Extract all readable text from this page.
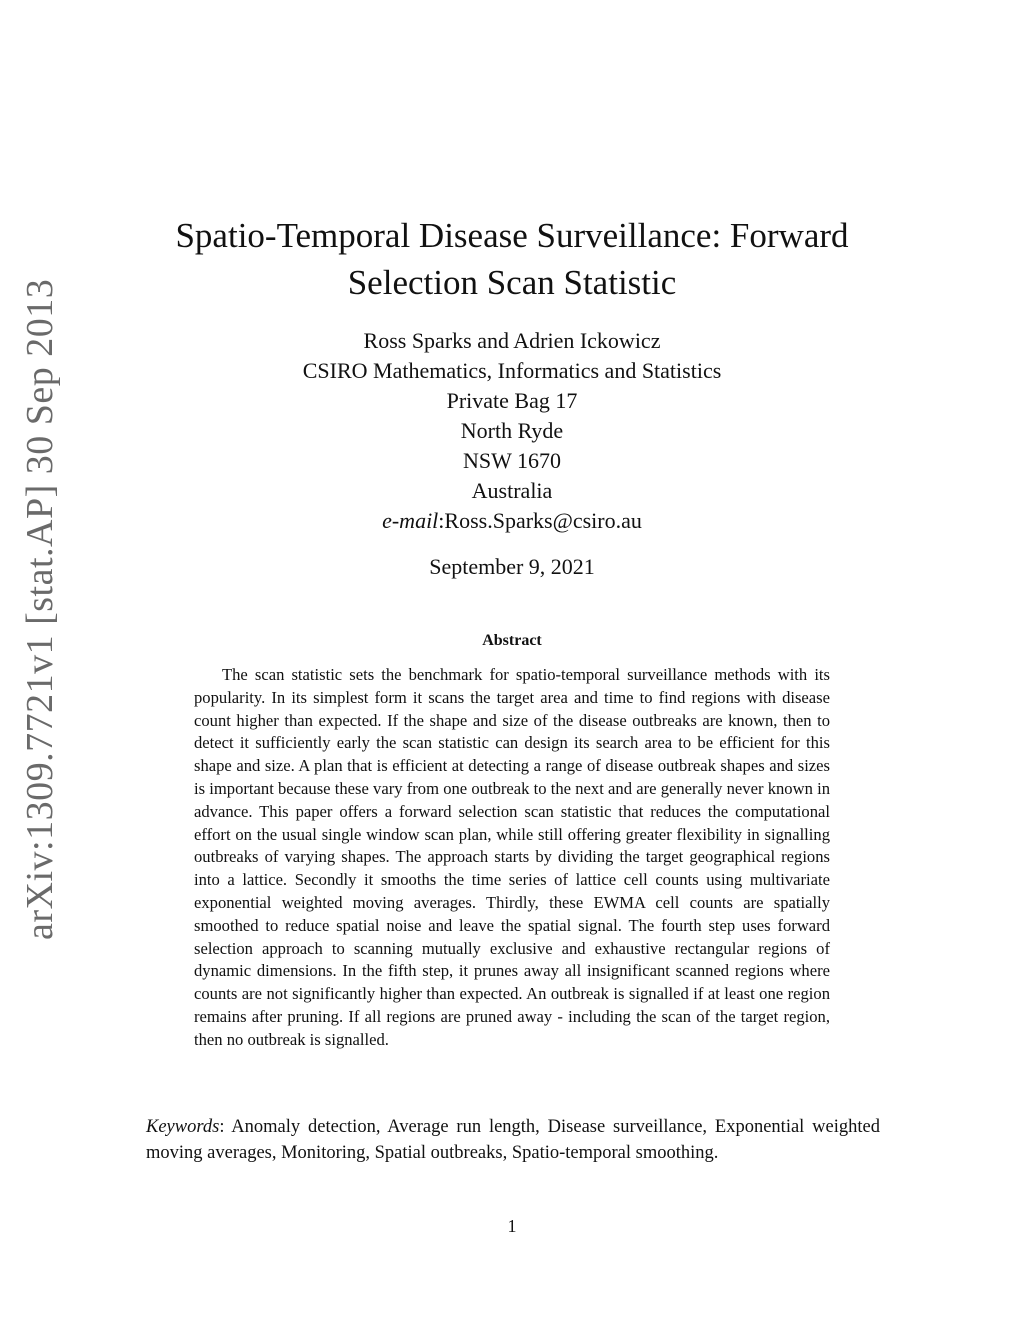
arXiv:1309.7721v1 [stat.AP] 30 Sep 2013
Spatio-Temporal Disease Surveillance: Forward
Selection Scan Statistic
Ross Sparks and Adrien Ickowicz
CSIRO Mathematics, Informatics and Statistics
Private Bag 17
North Ryde
NSW 1670
Australia
e-mail:Ross.Sparks@csiro.au
September 9, 2021
Abstract

The scan statistic sets the benchmark for spatio-temporal surveillance methods with its popularity. In its simplest form it scans the target area and time to find regions with disease count higher than expected. If the shape and size of the disease outbreaks are known, then to detect it sufficiently early the scan statistic can design its search area to be efficient for this shape and size. A plan that is efficient at detecting a range of disease outbreak shapes and sizes is important because these vary from one outbreak to the next and are generally never known in advance. This paper offers a forward selection scan statistic that reduces the computational effort on the usual single window scan plan, while still offering greater flexibility in signalling outbreaks of varying shapes. The approach starts by dividing the target geographical regions into a lattice. Secondly it smooths the time series of lattice cell counts using multivariate exponential weighted moving averages. Thirdly, these EWMA cell counts are spatially smoothed to reduce spatial noise and leave the spatial signal. The fourth step uses forward selection approach to scanning mutually exclusive and exhaustive rectangular regions of dynamic dimensions. In the fifth step, it prunes away all insignificant scanned regions where counts are not significantly higher than expected. An outbreak is signalled if at least one region remains after pruning. If all regions are pruned away - including the scan of the target region, then no outbreak is signalled.

Keywords: Anomaly detection, Average run length, Disease surveillance, Exponential weighted moving averages, Monitoring, Spatial outbreaks, Spatio-temporal smoothing.

1
